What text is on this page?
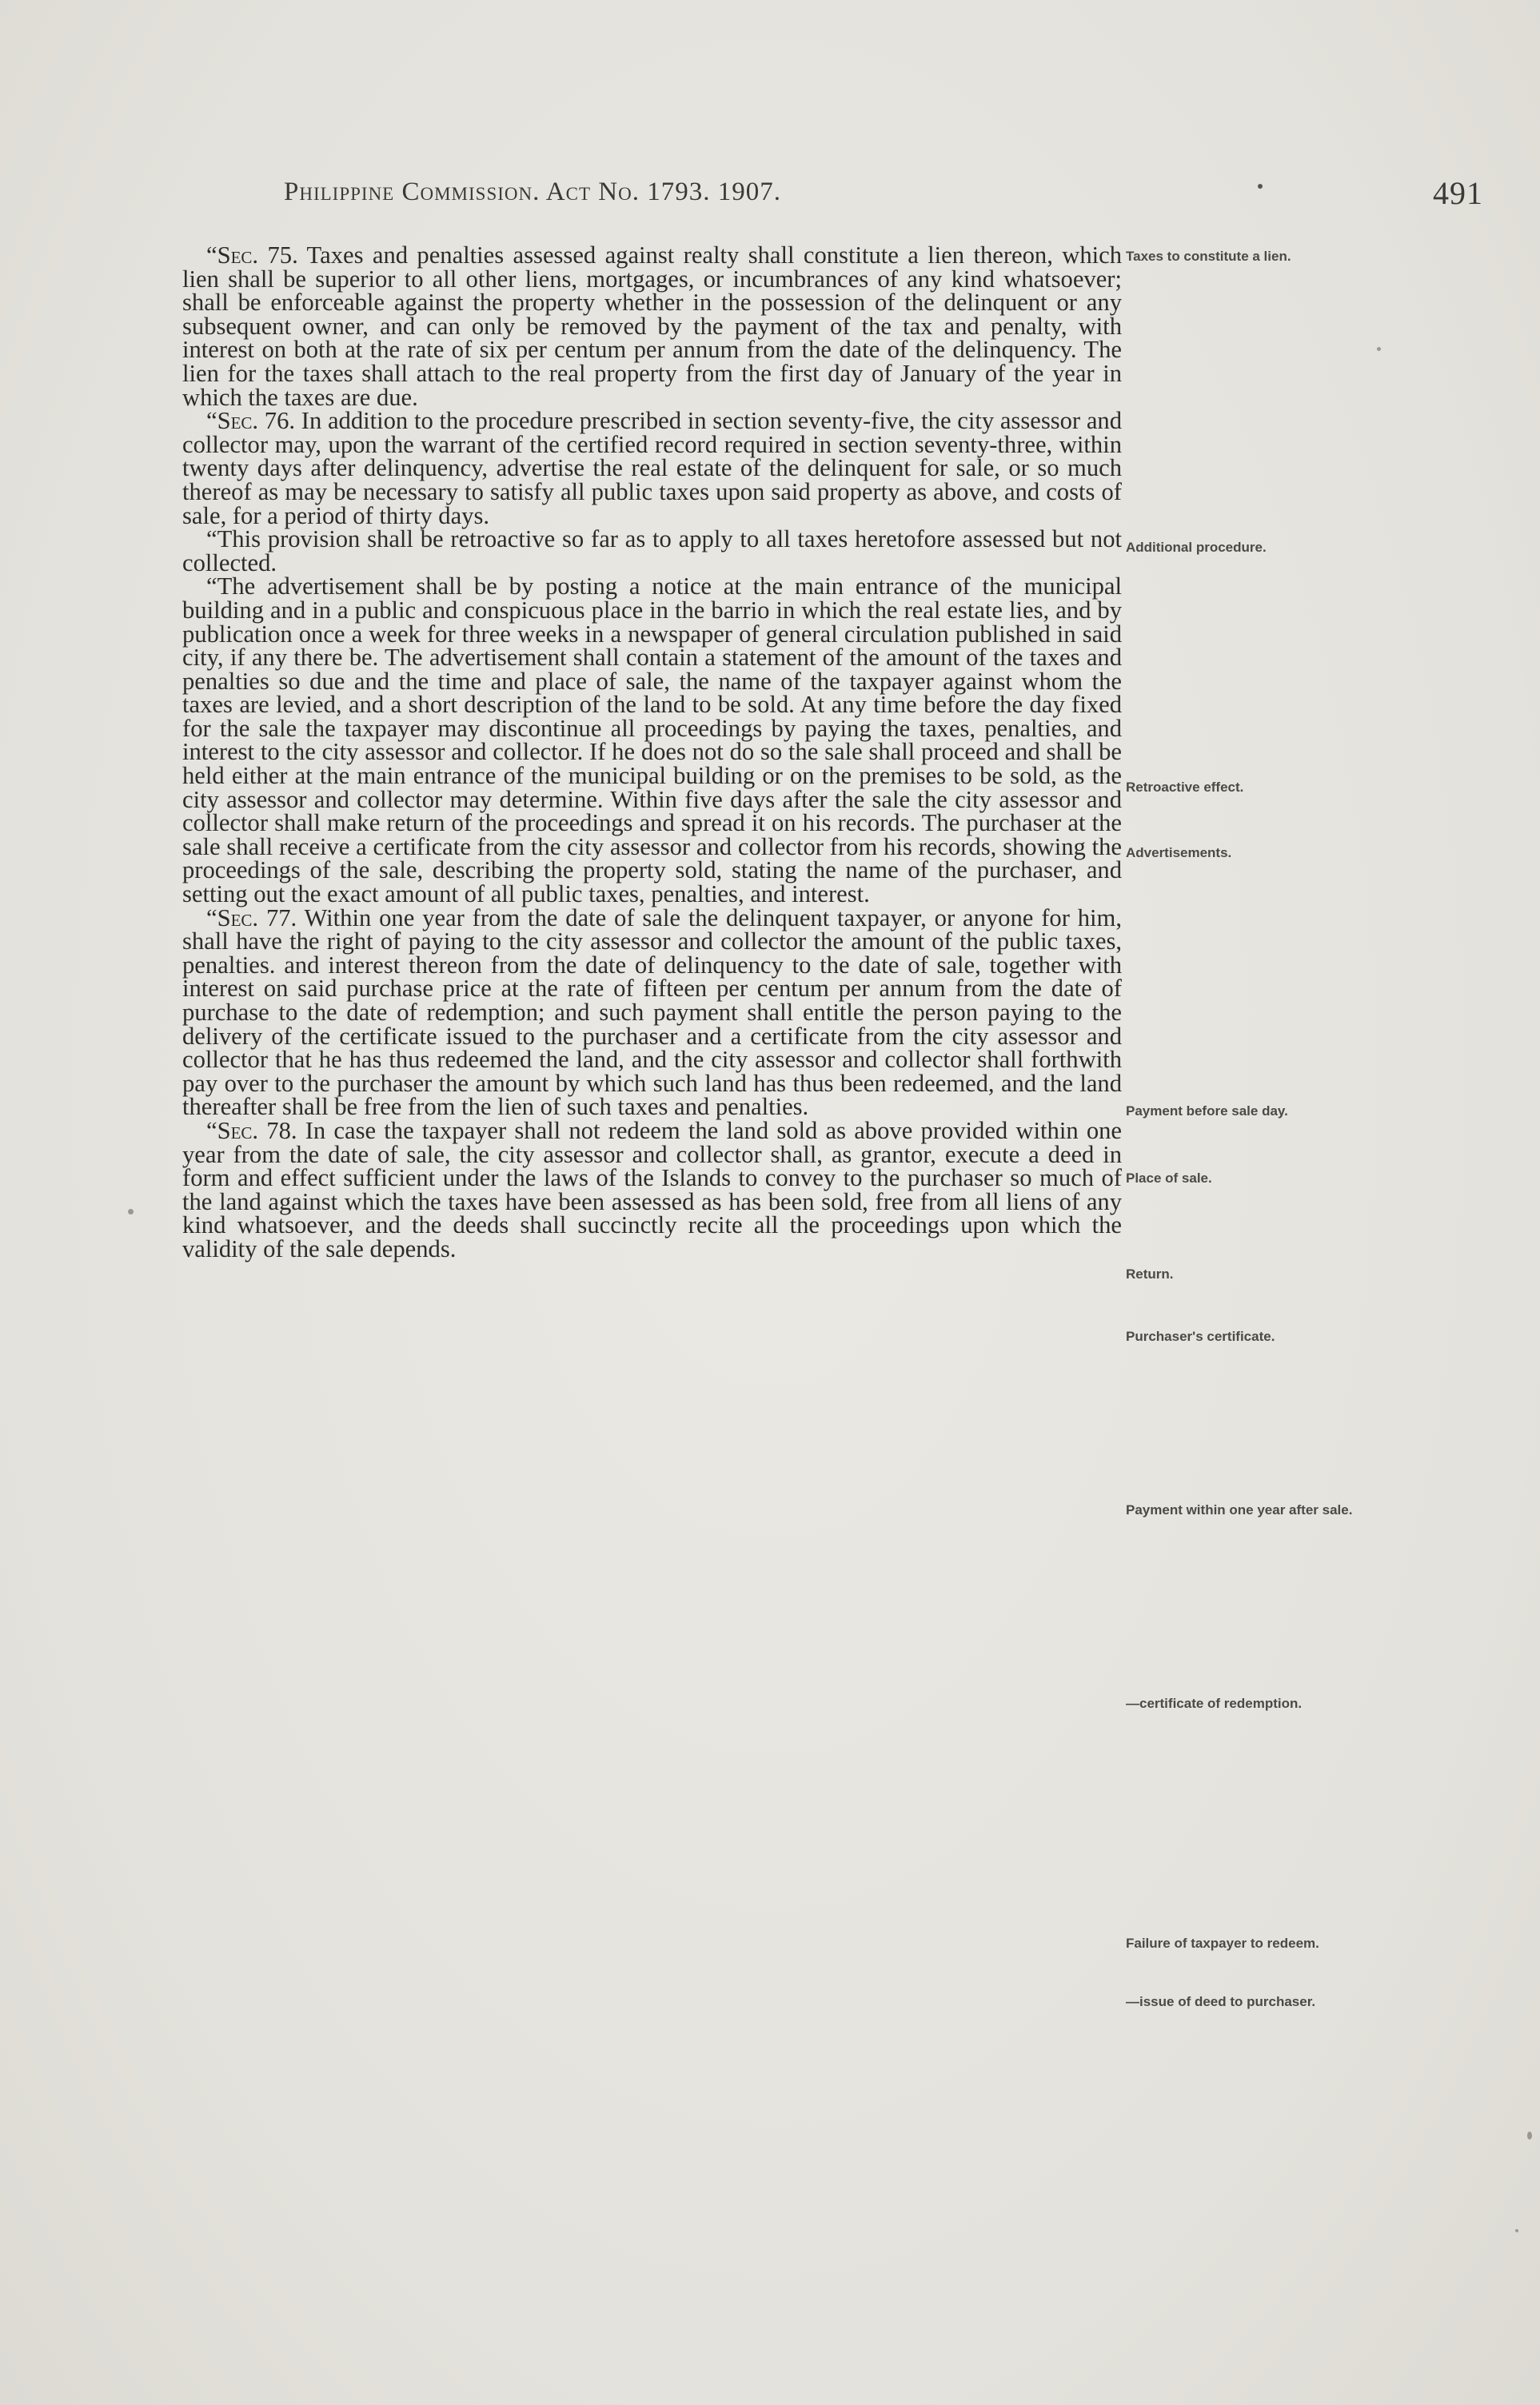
Philippine Commission. Act No. 1793. 1907.	491

“Sec. 75. Taxes and penalties assessed against realty shall constitute a lien thereon, which lien shall be superior to all other liens, mortgages, or incumbrances of any kind whatsoever; shall be enforceable against the property whether in the possession of the delinquent or any subsequent owner, and can only be removed by the payment of the tax and penalty, with interest on both at the rate of six per centum per annum from the date of the delinquency. The lien for the taxes shall attach to the real property from the first day of January of the year in which the taxes are due.

“Sec. 76. In addition to the procedure prescribed in section seventy-five, the city assessor and collector may, upon the warrant of the certified record required in section seventy-three, within twenty days after delinquency, advertise the real estate of the delinquent for sale, or so much thereof as may be necessary to satisfy all public taxes upon said property as above, and costs of sale, for a period of thirty days.

“This provision shall be retroactive so far as to apply to all taxes heretofore assessed but not collected.

“The advertisement shall be by posting a notice at the main entrance of the municipal building and in a public and conspicuous place in the barrio in which the real estate lies, and by publication once a week for three weeks in a newspaper of general circulation published in said city, if any there be. The advertisement shall contain a statement of the amount of the taxes and penalties so due and the time and place of sale, the name of the taxpayer against whom the taxes are levied, and a short description of the land to be sold. At any time before the day fixed for the sale the taxpayer may discontinue all proceedings by paying the taxes, penalties, and interest to the city assessor and collector. If he does not do so the sale shall proceed and shall be held either at the main entrance of the municipal building or on the premises to be sold, as the city assessor and collector may determine. Within five days after the sale the city assessor and collector shall make return of the proceedings and spread it on his records. The purchaser at the sale shall receive a certificate from the city assessor and collector from his records, showing the proceedings of the sale, describing the property sold, stating the name of the purchaser, and setting out the exact amount of all public taxes, penalties, and interest.

“Sec. 77. Within one year from the date of sale the delinquent taxpayer, or anyone for him, shall have the right of paying to the city assessor and collector the amount of the public taxes, penalties. and interest thereon from the date of delinquency to the date of sale, together with interest on said purchase price at the rate of fifteen per centum per annum from the date of purchase to the date of redemption; and such payment shall entitle the person paying to the delivery of the certificate issued to the purchaser and a certificate from the city assessor and collector that he has thus redeemed the land, and the city assessor and collector shall forthwith pay over to the purchaser the amount by which such land has thus been redeemed, and the land thereafter shall be free from the lien of such taxes and penalties.

“Sec. 78. In case the taxpayer shall not redeem the land sold as above provided within one year from the date of sale, the city assessor and collector shall, as grantor, execute a deed in form and effect sufficient under the laws of the Islands to convey to the purchaser so much of the land against which the taxes have been assessed as has been sold, free from all liens of any kind whatsoever, and the deeds shall succinctly recite all the proceedings upon which the validity of the sale depends.

Taxes to constitute a lien.
Additional procedure.
Retroactive effect.
Advertisements.
Payment before sale day.
Place of sale.
Return.
Purchaser's certificate.
Payment within one year after sale.
—certificate of redemption.
Failure of taxpayer to redeem.
—issue of deed to purchaser.
